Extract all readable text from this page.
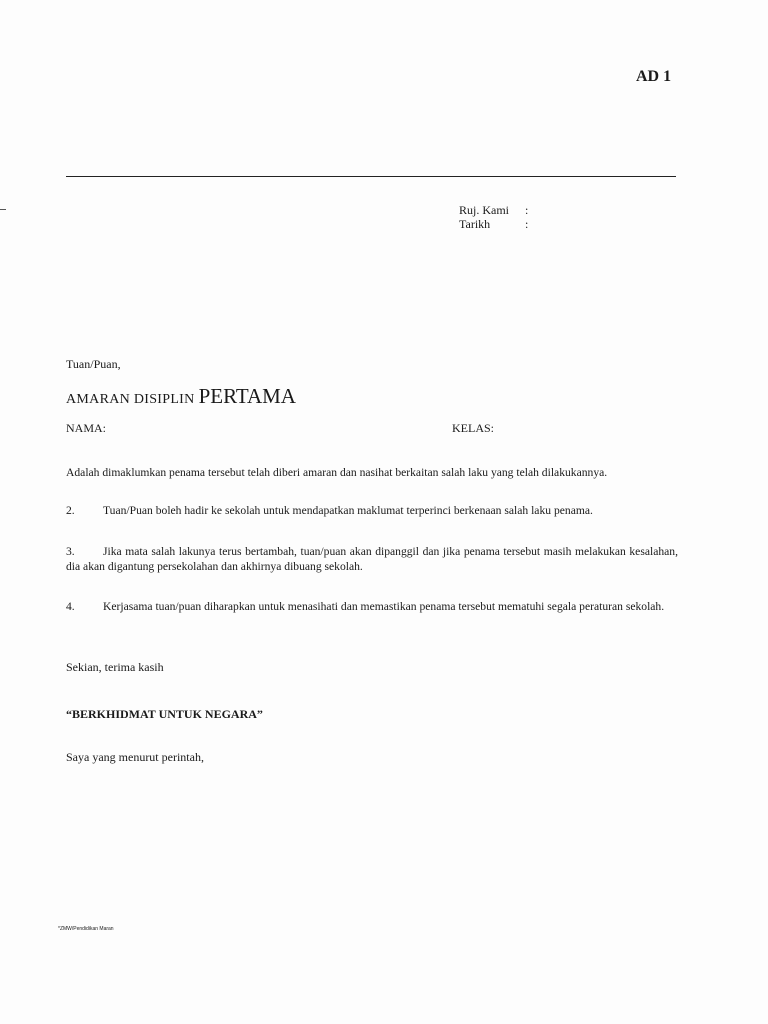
AD 1
Ruj. Kami	:
Tarikh	:
Tuan/Puan,
AMARAN DISIPLIN PERTAMA
NAMA:	KELAS:
Adalah dimaklumkan penama tersebut telah diberi amaran dan nasihat berkaitan salah laku yang telah dilakukannya.
2. Tuan/Puan boleh hadir ke sekolah untuk mendapatkan maklumat terperinci berkenaan salah laku penama.
3. Jika mata salah lakunya terus bertambah, tuan/puan akan dipanggil dan jika penama tersebut masih melakukan kesalahan, dia akan digantung persekolahan dan akhirnya dibuang sekolah.
4. Kerjasama tuan/puan diharapkan untuk menasihati dan memastikan penama tersebut mematuhi segala peraturan sekolah.
Sekian, terima kasih
“BERKHIDMAT UNTUK NEGARA”
Saya yang menurut perintah,
*ZMW/Pendidikan Maran
